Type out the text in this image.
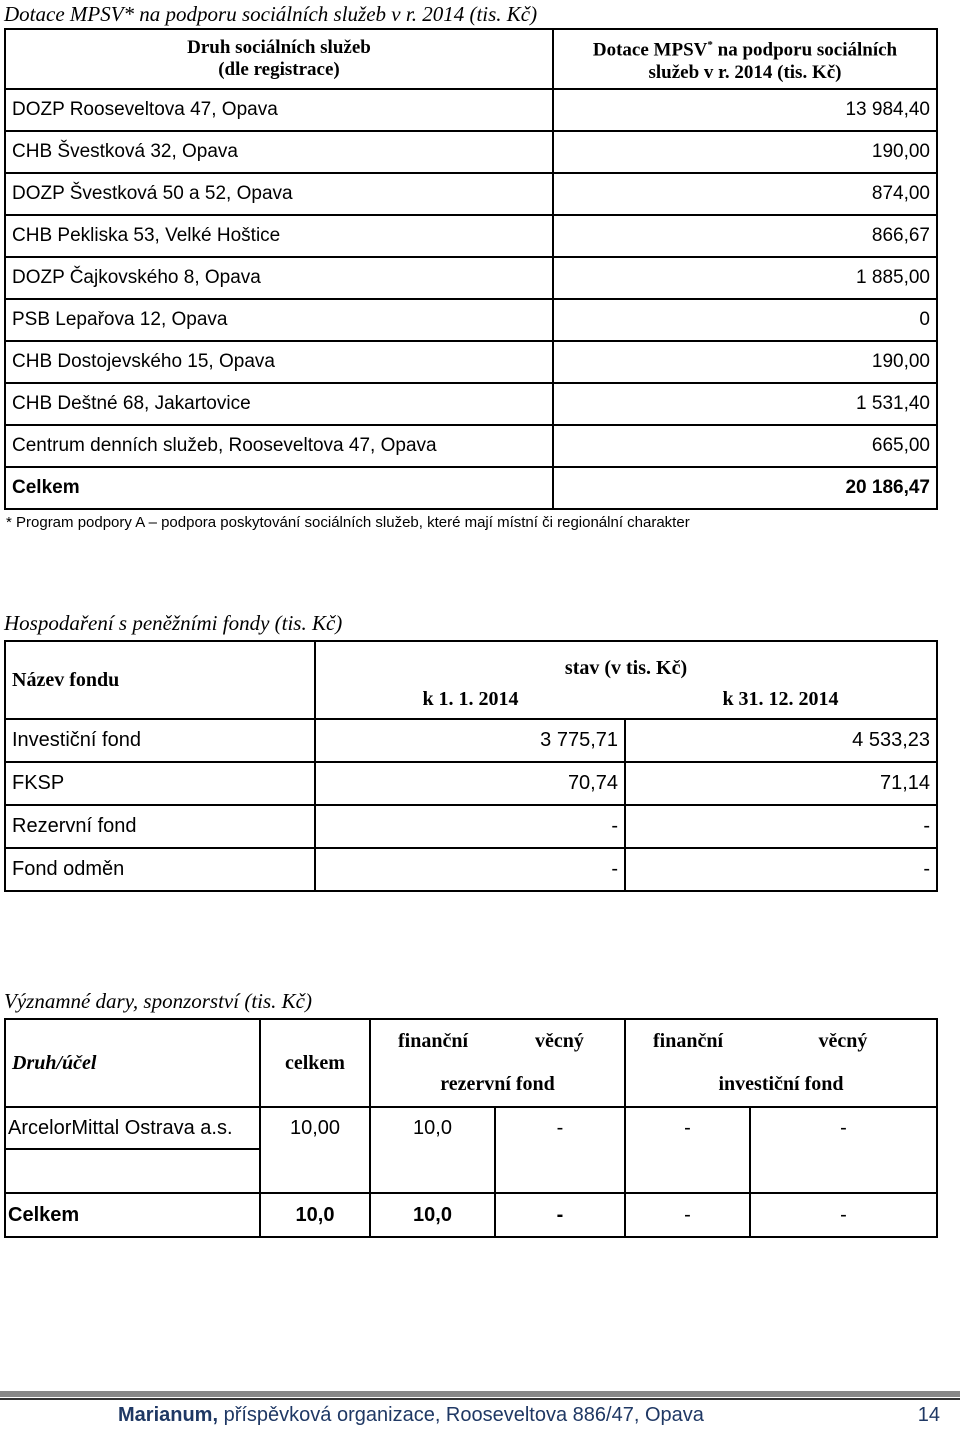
Dotace MPSV* na podporu sociálních služeb v r. 2014 (tis. Kč)
Druh sociálních služeb
(dle registrace)	Dotace MPSV* na podporu sociálních
služeb v r. 2014 (tis. Kč)
DOZP Rooseveltova 47, Opava	13 984,40
CHB Švestková 32, Opava	190,00
DOZP Švestková 50 a 52, Opava	874,00
CHB Pekliska 53, Velké Hoštice	866,67
DOZP Čajkovského 8, Opava	1 885,00
PSB Lepařova 12, Opava	0
CHB Dostojevského 15, Opava	190,00
CHB Deštné 68, Jakartovice	1 531,40
Centrum denních služeb, Rooseveltova 47, Opava	665,00
Celkem	20 186,47
* Program podpory A – podpora poskytování sociálních služeb, které mají místní či regionální charakter
Hospodaření s peněžními fondy (tis. Kč)
Název fondu	stav (v tis. Kč)	
	k 1. 1. 2014	k 31. 12. 2014
Investiční fond	3 775,71	4 533,23
FKSP	70,74	71,14
Rezervní fond	-	-
Fond odměn	-	-
Významné dary, sponzorství (tis. Kč)
Druh/účel	celkem	finanční	věcný	finanční	věcný
		rezervní fond		investiční fond	
ArcelorMittal Ostrava a.s.	10,00	10,0	-	-	-

Celkem	10,0	10,0	-	-	-
Marianum, příspěvková organizace, Rooseveltova 886/47, Opava	14
